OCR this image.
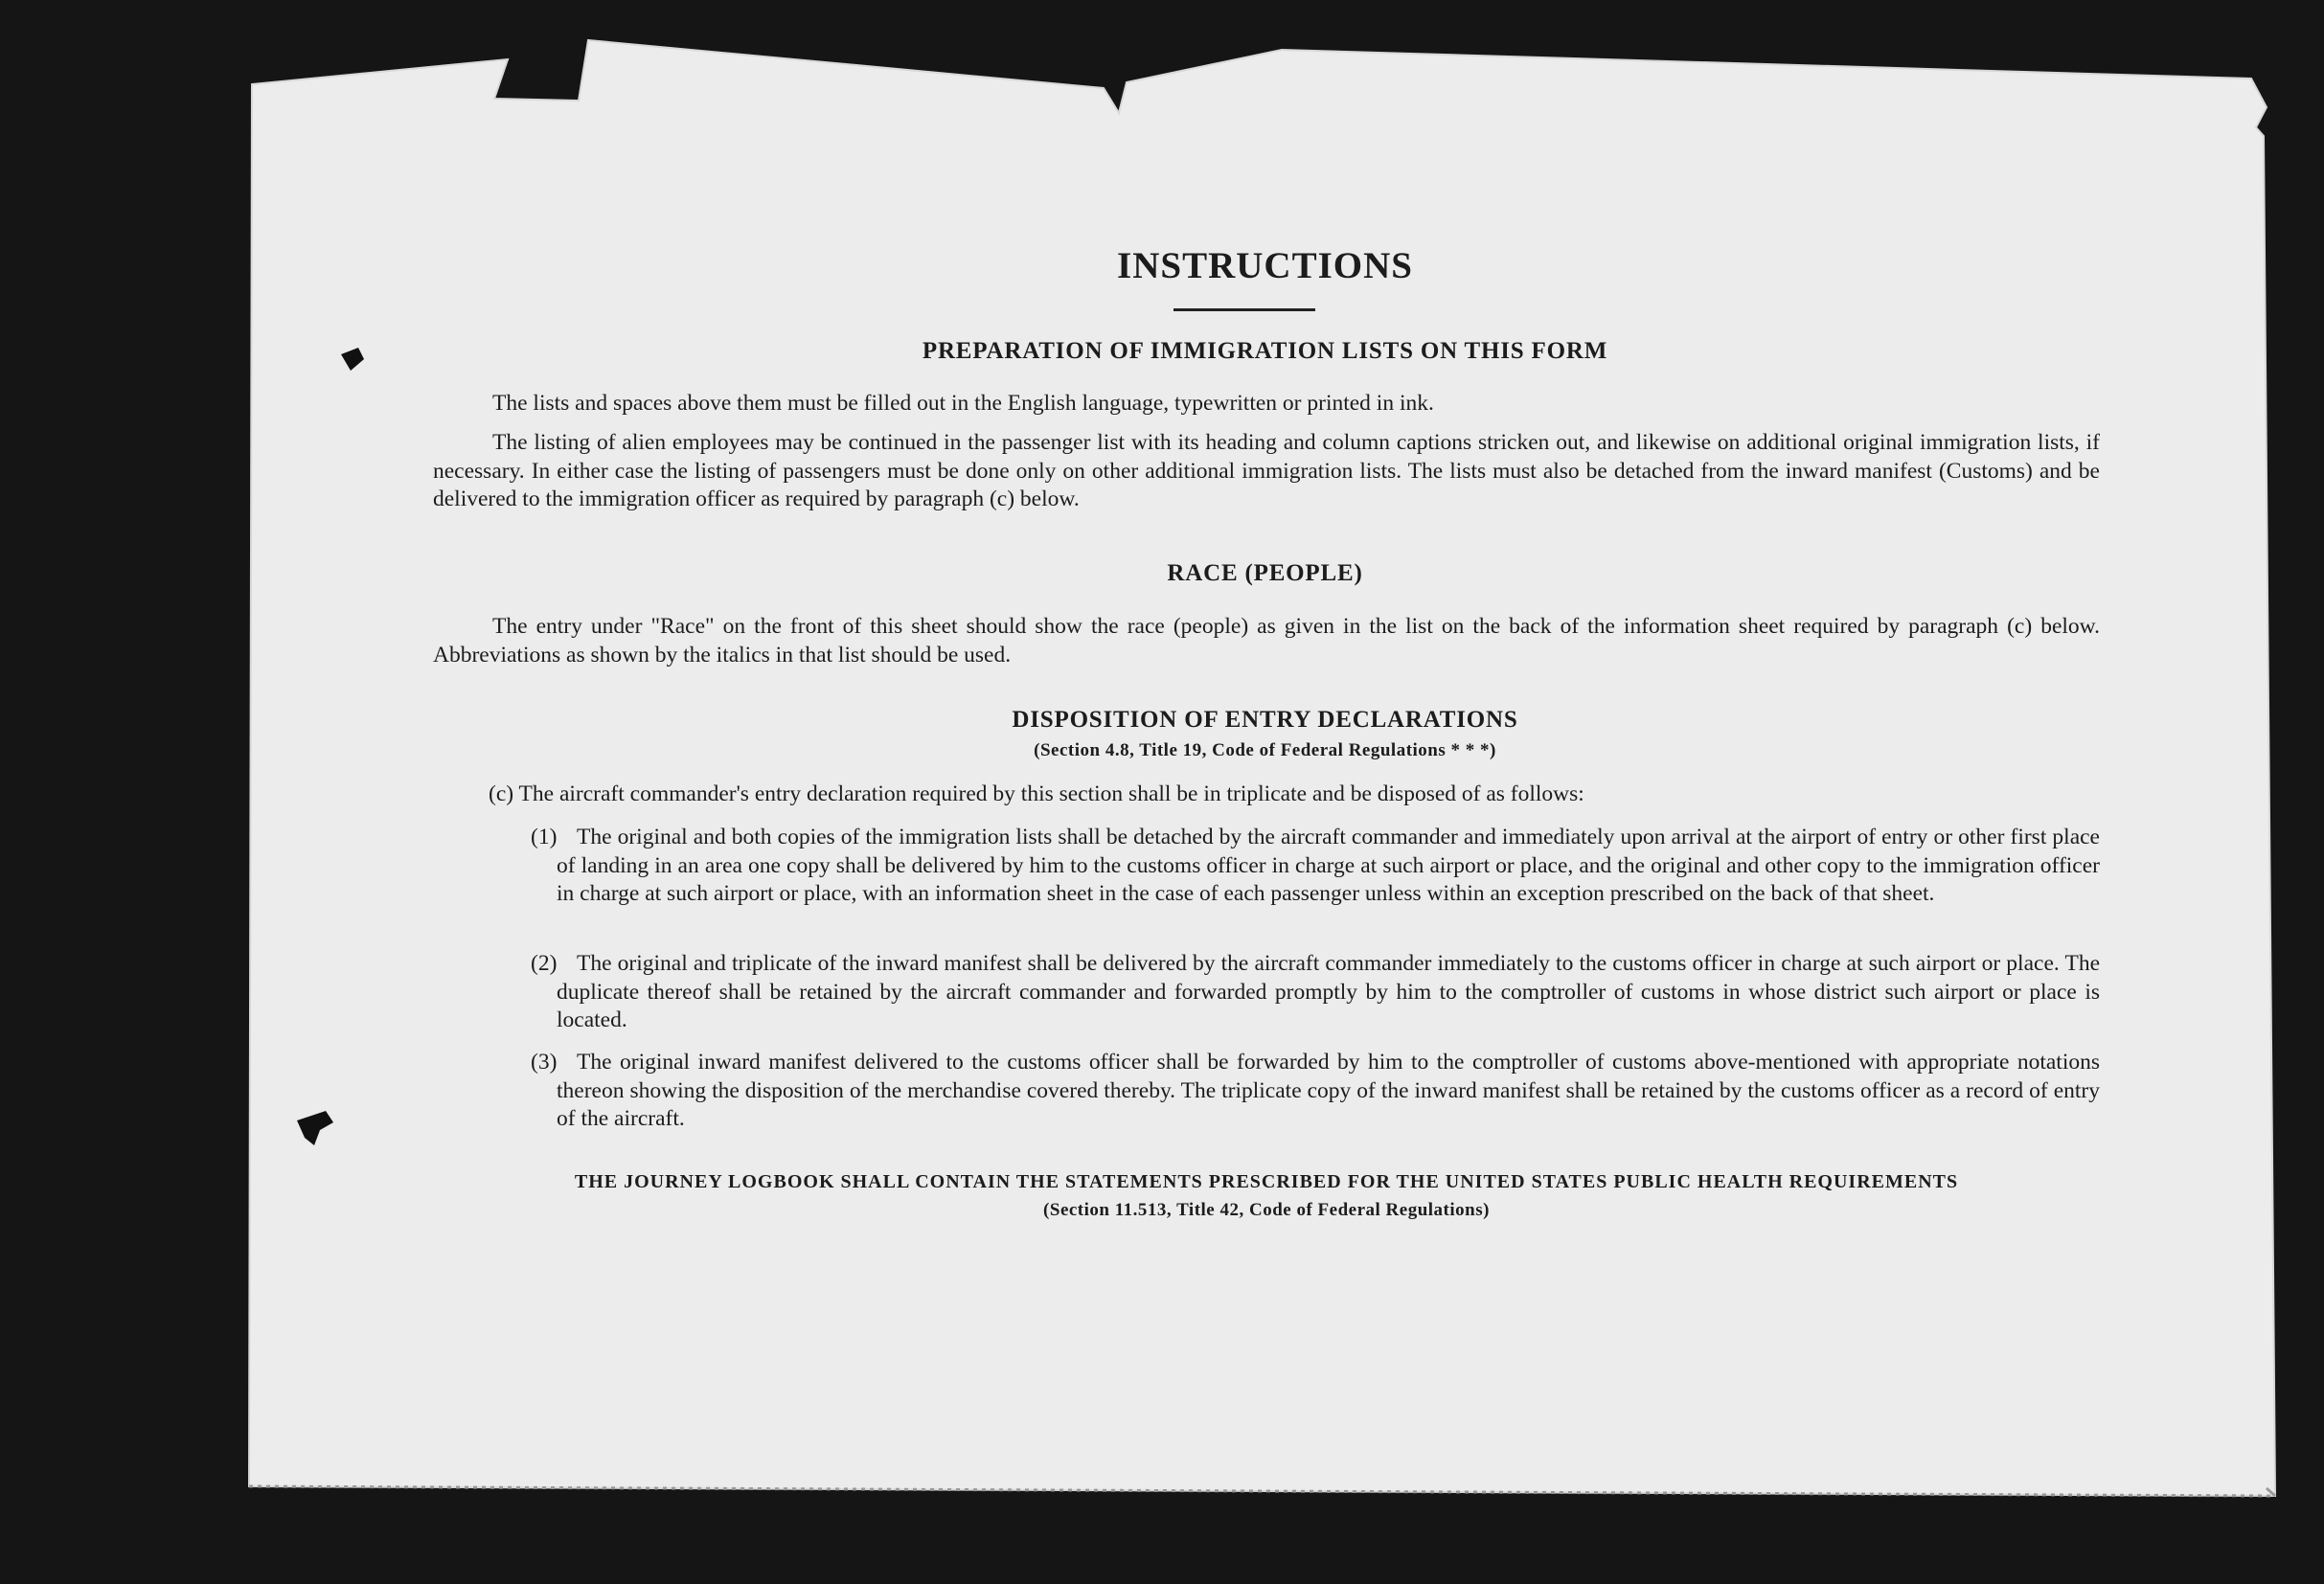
INSTRUCTIONS
PREPARATION OF IMMIGRATION LISTS ON THIS FORM

The lists and spaces above them must be filled out in the English language, typewritten or printed in ink.

The listing of alien employees may be continued in the passenger list with its heading and column captions stricken out, and likewise on additional original immigration lists, if necessary. In either case the listing of passengers must be done only on other additional immigration lists. The lists must also be detached from the inward manifest (Customs) and be delivered to the immigration officer as required by paragraph (c) below.

RACE (PEOPLE)

The entry under "Race" on the front of this sheet should show the race (people) as given in the list on the back of the information sheet required by paragraph (c) below. Abbreviations as shown by the italics in that list should be used.

DISPOSITION OF ENTRY DECLARATIONS
(Section 4.8, Title 19, Code of Federal Regulations * * *)

(c) The aircraft commander's entry declaration required by this section shall be in triplicate and be disposed of as follows:

(1) The original and both copies of the immigration lists shall be detached by the aircraft commander and immediately upon arrival at the airport of entry or other first place of landing in an area one copy shall be delivered by him to the customs officer in charge at such airport or place, and the original and other copy to the immigration officer in charge at such airport or place, with an information sheet in the case of each passenger unless within an exception prescribed on the back of that sheet.

(2) The original and triplicate of the inward manifest shall be delivered by the aircraft commander immediately to the customs officer in charge at such airport or place. The duplicate thereof shall be retained by the aircraft commander and forwarded promptly by him to the comptroller of customs in whose district such airport or place is located.

(3) The original inward manifest delivered to the customs officer shall be forwarded by him to the comptroller of customs above-mentioned with appropriate notations thereon showing the disposition of the merchandise covered thereby. The triplicate copy of the inward manifest shall be retained by the customs officer as a record of entry of the aircraft.

THE JOURNEY LOGBOOK SHALL CONTAIN THE STATEMENTS PRESCRIBED FOR THE UNITED STATES PUBLIC HEALTH REQUIREMENTS
(Section 11.513, Title 42, Code of Federal Regulations)
